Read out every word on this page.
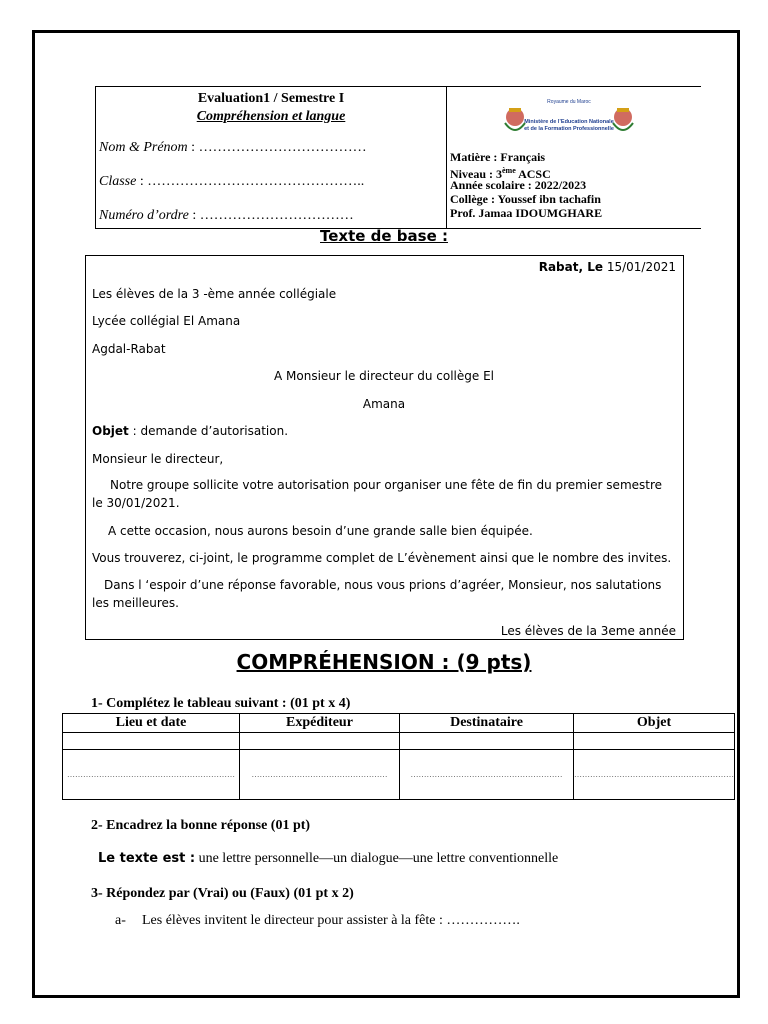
Evaluation1 / Semestre I
Compréhension et langue
Nom & Prénom : ………………………………
Classe : ………………………………………..
Numéro d’ordre : ……………………………
Royaume du Maroc
Ministère de l’Education Nationale
et de la Formation Professionnelle
Matière : Français
Niveau : 3ème ACSC
Année scolaire : 2022/2023
Collège : Youssef ibn tachafin
Prof. Jamaa IDOUMGHARE
Texte de base :
Rabat, Le 15/01/2021
Les élèves de la 3 -ème année collégiale
Lycée collégial El Amana
Agdal-Rabat
A Monsieur le directeur du collège El
Amana
Objet : demande d’autorisation.
Monsieur le directeur,
Notre groupe sollicite votre autorisation pour organiser une fête de fin du premier semestre le 30/01/2021.
A cette occasion, nous aurons besoin d’une grande salle bien équipée.
Vous trouverez, ci-joint, le programme complet de L’évènement ainsi que le nombre des invites.
Dans l ‘espoir d’une réponse favorable, nous vous prions d’agréer, Monsieur, nos salutations les meilleures.
Les élèves de la 3eme année
COMPRÉHENSION : (9 pts)
1- Complétez le tableau suivant : (01 pt x 4)
Lieu et date	Expéditeur	Destinataire	Objet

………………………………………………………	……………………………………………	…………………………………………………	……………………………………………………
2- Encadrez la bonne réponse (01 pt)
Le texte est : une lettre personnelle—un dialogue—une lettre conventionnelle
3- Répondez par (Vrai) ou (Faux) (01 pt x 2)
a- Les élèves invitent le directeur pour assister à la fête : …………….
